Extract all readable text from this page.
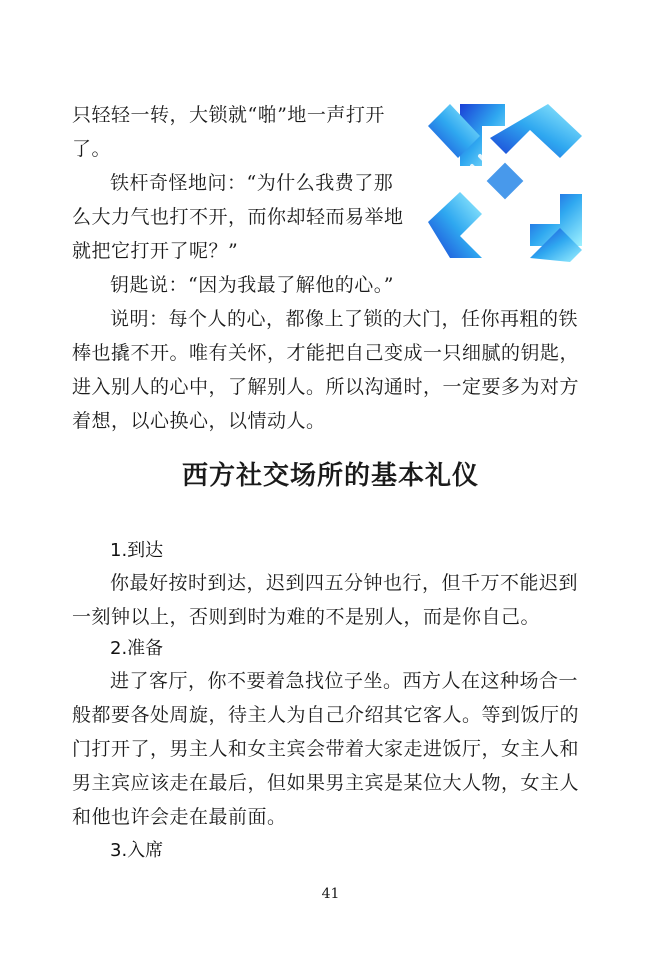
只轻轻一转，大锁就“啪”地一声打开
了。
铁杆奇怪地问：“为什么我费了那
么大力气也打不开，而你却轻而易举地
就把它打开了呢？”
钥匙说：“因为我最了解他的心。”
说明：每个人的心，都像上了锁的大门，任你再粗的铁
棒也撬不开。唯有关怀，才能把自己变成一只细腻的钥匙，
进入别人的心中，了解别人。所以沟通时，一定要多为对方
着想，以心换心，以情动人。
西方社交场所的基本礼仪
1.到达
你最好按时到达，迟到四五分钟也行，但千万不能迟到
一刻钟以上，否则到时为难的不是别人，而是你自己。
2.准备
进了客厅，你不要着急找位子坐。西方人在这种场合一
般都要各处周旋，待主人为自己介绍其它客人。等到饭厅的
门打开了，男主人和女主宾会带着大家走进饭厅，女主人和
男主宾应该走在最后，但如果男主宾是某位大人物，女主人
和他也许会走在最前面。
3.入席
41
